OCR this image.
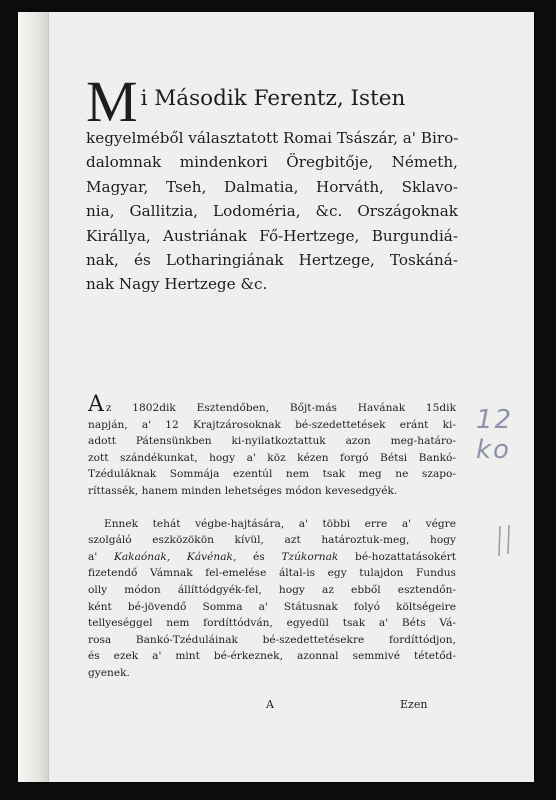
M i Második Ferentz, Isten
kegyelméből választatott Romai Tsászár, a' Biro-
dalomnak mindenkori Öregbitője, Németh,
Magyar, Tseh, Dalmatia, Horváth, Sklavo-
nia, Gallitzia, Lodoméria, &c. Országoknak
Királlya, Austriának Fő-Hertzege, Burgundiá-
nak, és Lotharingiának Hertzege, Toskáná-
nak Nagy Hertzege &c.
Az 1802dik Esztendőben, Bőjt-más Havának 15dik
napján, a' 12 Krajtzárosoknak bé-szedettetések eránt ki-
adott Pátensünkben ki-nyilatkoztattuk azon meg-határo-
zott szándékunkat, hogy a' köz kézen forgó Bétsi Bankó-
Tzéduláknak Sommája ezentúl nem tsak meg ne szapo-
ríttassék, hanem minden lehetséges módon kevesedgyék.
Ennek tehát végbe-hajtására, a' többi erre a' végre
szolgáló eszközökön kívül, azt határoztuk-meg, hogy
a' Kakaónak, Kávénak, és Tzúkornak bé-hozattatásokért
fizetendő Vámnak fel-emelése által-is egy tulajdon Fundus
olly módon állíttódgyék-fel, hogy az ebből esztendőn-
ként bé-jövendő Somma a' Státusnak folyó költségeire
tellyeséggel nem fordíttódván, egyedül tsak a' Béts Vá-
rosa Bankó-Tzéduláinak bé-szedettetésekre fordíttódjon,
és ezek a' mint bé-érkeznek, azonnal semmivé tétetőd-
gyenek.
A	Ezen
12 ko
